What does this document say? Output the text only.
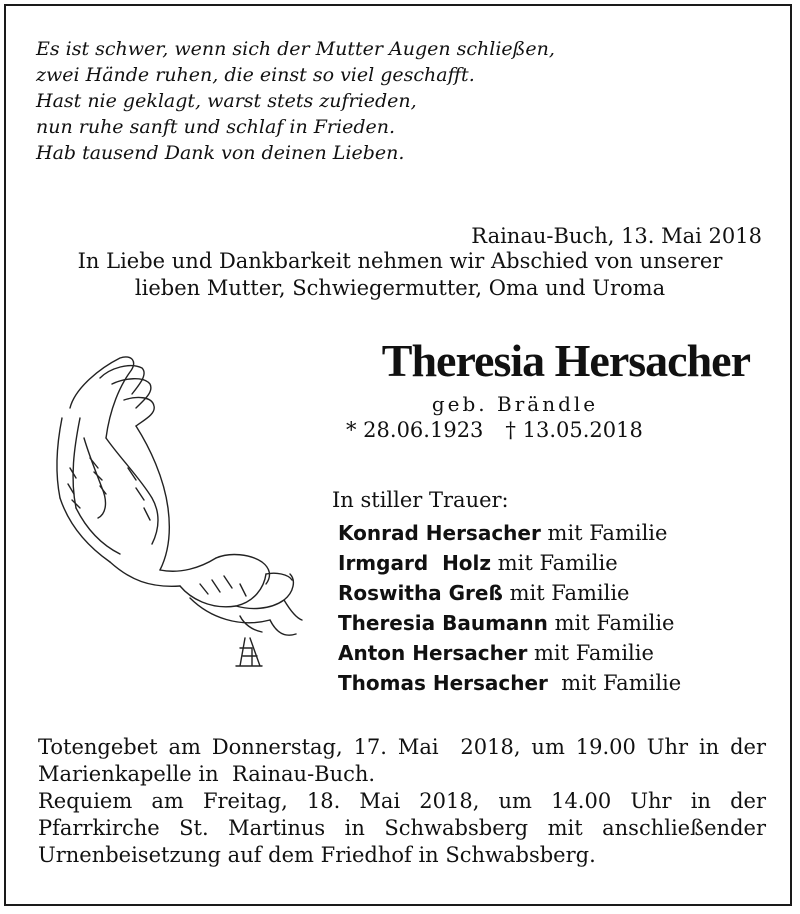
Es ist schwer, wenn sich der Mutter Augen schließen,
zwei Hände ruhen, die einst so viel geschafft.
Hast nie geklagt, warst stets zufrieden,
nun ruhe sanft und schlaf in Frieden.
Hab tausend Dank von deinen Lieben.
Rainau-Buch, 13. Mai 2018
In Liebe und Dankbarkeit nehmen wir Abschied von unserer
lieben Mutter, Schwiegermutter, Oma und Uroma
Theresia Hersacher
geb. Brändle
* 28.06.1923 † 13.05.2018
In stiller Trauer:
Konrad Hersacher mit Familie
Irmgard  Holz mit Familie
Roswitha Greß mit Familie
Theresia Baumann mit Familie
Anton Hersacher mit Familie
Thomas Hersacher  mit Familie

Totengebet am Donnerstag, 17. Mai  2018, um 19.00 Uhr in der Marienkapelle in  Rainau-Buch.

Requiem  am  Freitag,  18.  Mai  2018,  um  14.00  Uhr  in  der Pfarrkirche St. Martinus in Schwabsberg mit anschließender Urnenbeisetzung auf dem Friedhof in Schwabsberg.
